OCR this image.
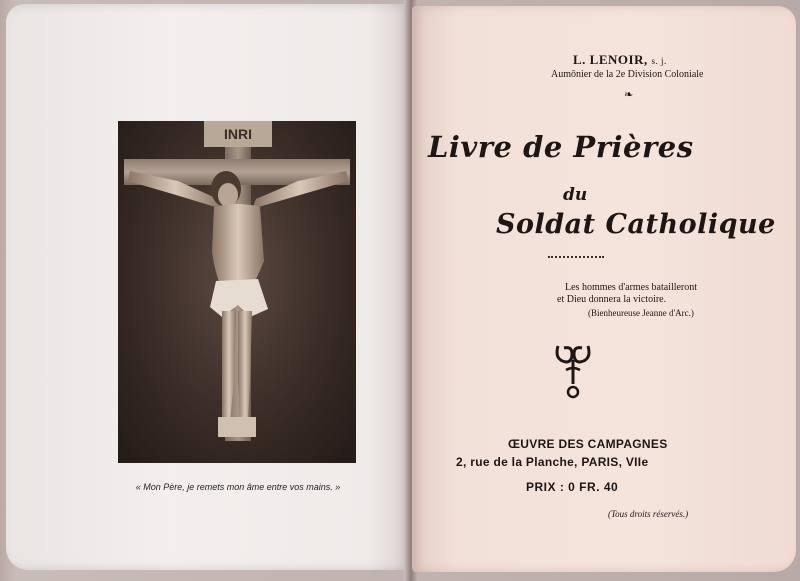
INRI
« Mon Père, je remets mon âme entre vos mains. »
L. LENOIR, s. j.
Aumônier de la 2e Division Coloniale
❧
Livre de Prières
du
Soldat Catholique
Les hommes d'armes batailleront
et Dieu donnera la victoire.
(Bienheureuse Jeanne d'Arc.)
ŒUVRE DES CAMPAGNES
2, rue de la Planche, PARIS, VIIe
PRIX : 0 FR. 40
(Tous droits réservés.)
